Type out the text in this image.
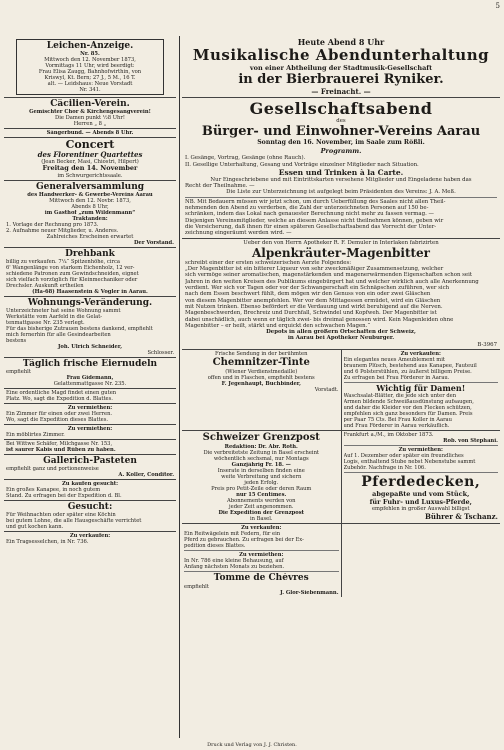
5
Leichen-Anzeige.
Nr. 85.
Mittwoch den 12. November 1873,
Vormittags 11 Uhr, wird beerdigt:
Frau Elisa Zaugg, Bahnhofwirthin, von
Kriswyl, Kt. Bern; 27 J., 5 M., 16 T.
alt. — Leidshaus: Neue Vorstadt
Nr. 341.
Cäcilien-Verein.
Gemischter Chor & Kirchengesangverein!
Die Damen punkt ½8 Uhr!
Herren „ 8 „
Sängerbund. — Abends 8 Uhr.
Concert
des Florentiner Quartettes
(Jean Becker, Masi, Chiostri, Hilpert)
Freitag den 14. November
im Schwurgerichtssaale.
Generalversammlung
des Handwerker- & Gewerbe-Vereins Aarau
Mittwoch den 12. Novbr. 1873,
Abends 8 Uhr,
im Gasthof „zum Wildenmann“
Traktanden:
1. Vorlage der Rechnung pro 1873.
2. Aufnahme neuer Mitglieder, u. Anderes.
Zahlreiches Erscheinen erwartet
Der Vorstand.
Drehbank
billig zu verkaufen. 7¼“ Spitzenhöhe, circa
6' Wangenlänge von starkem Eichenholz, 12 ver-
schiedene Patronen zum Gewindschneiden, eignet
sich vielfach vorzüglich für Kleinmechaniker oder
Drechsler. Auskunft ertheilen
(Ha-68) Haasenstein & Vogler in Aarau.
Wohnungs-Veränderung.
Unterzeichneter hat seine Wohnung sammt
Werkstätte vom Aarfeld in die Gelat-
tenmattgasse Nr. 235 verlegt.
Für das bisherige Zutrauen bestens dankend, empfiehlt
mich fernerhin für alle Gesindearbeiten
bestens
Joh. Ulrich Schneider,
Schlosser.
Täglich frische Eiernudeln
empfiehlt
Frau Gidemann,
Gelattenmattgasse Nr. 235.
Eine ordentliche Magd findet einen guten
Platz. Wo, sagt die Expedition d. Blattes.
Zu vermiethen:
Ein Zimmer für einen oder zwei Herren.
Wo, sagt die Expedition dieses Blattes.
Zu vermiethen:
Ein möblirtes Zimmer.
Bei Wittwe Schäfer, Milchgasse Nr. 153,
ist saurer Kabis und Rüben zu haben.
Gallerich-Pasteten
empfiehlt ganz und portionenweise
A. Koller, Conditor.
Zu kaufen gesucht:
Ein großes Kanapee, in noch gutem
Stand. Zu erfragen bei der Expedition d. Bl.
Gesucht:
Für Weihnachten oder später eine Köchin
bei gutem Lohne, die alle Hausgeschäfte verrichtet
und gut kochen kann.
Zu verkaufen:
Ein Tragsesselchen, in Nr. 736.
Heute Abend 8 Uhr
Musikalische Abendunterhaltung
von einer Abtheilung der Stadtmusik-Gesellschaft
in der Bierbrauerei Ryniker.
— Freinacht. —
Gesellschaftsabend
des
Bürger- und Einwohner-Vereins Aarau
Sonntag den 16. November, im Saale zum Rößli.
Programm.
I. Gesänge, Vortrag, Gesänge (ohne Rauch).
II. Gesellige Unterhaltung, Gesang und Vorträge einzelner Mitglieder nach Situation.
Essen und Trinken à la Carte.
Nur Eingeschriebene und mit Eintrittskarten versehene Mitglieder und Eingeladene haben das
Recht der Theilnahme. —
Die Liste zur Unterzeichnung ist aufgelegt beim Präsidenten des Vereins: J. A. Meß.
NB. Mit Bedauern müssen wir jetzt schon, um durch Ueberfüllung des Saales nicht allen Theil-
nehmenden den Abend zu verderben, die Zahl der unterzeichneten Personen auf 150 be-
schränken, indem das Lokal nach genauester Berechnung nicht mehr zu fassen vermag. —
Diejenigen Vereinsmitglieder, welche an diesem Anlasse nicht theilnehmen können, geben wir
die Versicherung, daß ihnen für einen späteren Gesellschaftsabend das Vorrecht der Unter-
zeichnung eingeräumt werden wird. —
Ueber den von Herrn Apotheker R. F. Demuler in Interlaken fabrizirten
Alpenkräuter-Magenbitter
schreibt einer der ersten schweizerischen Aerzte Folgendes:
„Der Magenbitter ist ein bitterer Liqueur von sehr zweckmäßiger Zusammensetzung, welcher
sich vermöge seiner aromatischen, magenstärkenden und magenerwärmenden Eigenschaften schon seit
Jahren in den weiten Kreisen des Publikums eingebürgert hat und welcher wirklich auch alle Anerkennung
verdient. Wer sich vor Tagen oder vor der Schwangerschaft ein Schnäpschen zuführen, wer sich
nach dem Essen beschwert fühlt, dem mögen wir den Genuss von ein oder zwei Gläschen
von diesem Magenbitter anempfehlen. Wer vor dem Mittagessen ermüdet, wird ein Gläschen
mit Nutzen trinken. Ebenso befördert er die Verdauung und wirkt beruhigend auf die Nerven.
Magenbeschwerden, Brechreiz und Durchfall, Schwindel und Kopfweh. Der Magenbitter ist
dabei unschädlich, auch wenn er täglich zwei- bis dreimal genossen wird. Kein Magenleiden ohne
Magenbitter – er heilt, stärkt und erquickt den schwachen Magen.“
Depots in allen größern Ortschaften der Schweiz,
in Aarau bei Apotheker Neuburger.
B-3967
Frische Sendung in der berühmten
Chemnitzer-Tinte
(Wiener Verdienstmedaille)
offen und in Flaschen, empfiehlt bestens
F. Jegenhaupt, Buchbinder,
Vorstadt.
Zu verkaufen:
Ein elegantes neues Ameublement mit
braunem Plüsch, bestehend aus Kanapee, Fauteuil
und 6 Polsterstühlen, zu äußerst billigem Preise.
Zu erfragen bei Frau Förderer in Aarau.
Wichtig für Damen!
Waschsalat-Blätter, die jede sich unter den
Armen bildende Schweißausdünstung aufsaugen,
und daher die Kleider vor den Flecken schützen,
empfehlen sich ganz besonders für Damen. Preis
per Paar 75 Cts. Bei Frau Koller in Aarau
und Frau Förderer in Aarau verkäuflich.
Schweizer Grenzpost
Redaktion: Dr. Abr. Roth.
Die verbreitetste Zeitung in Basel erscheint
wöchentlich sechsmal, nur Montags
Ganzjährig Fr. 18. —
Inserate in derselben finden eine
weite Verbreitung und sichern
jeden Erfolg.
Preis pro Petit-Zeile oder deren Raum
nur 15 Centimes.
Abonnements werden von
jeder Zeit angenommen.
Die Expedition der Grenzpost
in Basel.
Frankfurt a./M., im Oktober 1873.
Rob. von Stephani.
Zu vermiethen:
Auf 1. Dezember oder später ein freundliches
Logis, enthaltend Stube nebst Nebenstube sammt
Zubehör. Nachfrage in Nr. 106.
Pferdedecken,
abgepaßte und vom Stück,
für Fuhr- und Luxus-Pferde,
empfehlen in großer Auswahl billigst
Bührer & Tschanz.
Zu verkaufen:
Ein Reitwägelein mit Federn, für ein
Pferd zu gebrauchen. Zu erfragen bei der Ex-
pedition dieses Blattes.
Zu vermiethen:
In Nr. 786 eine kleine Behausung, auf
Anfang nächsten Monats zu beziehen.
Tomme de Chèvres
empfiehlt
J. Glor-Siebenmann.
Druck und Verlag von J. J. Christen.
